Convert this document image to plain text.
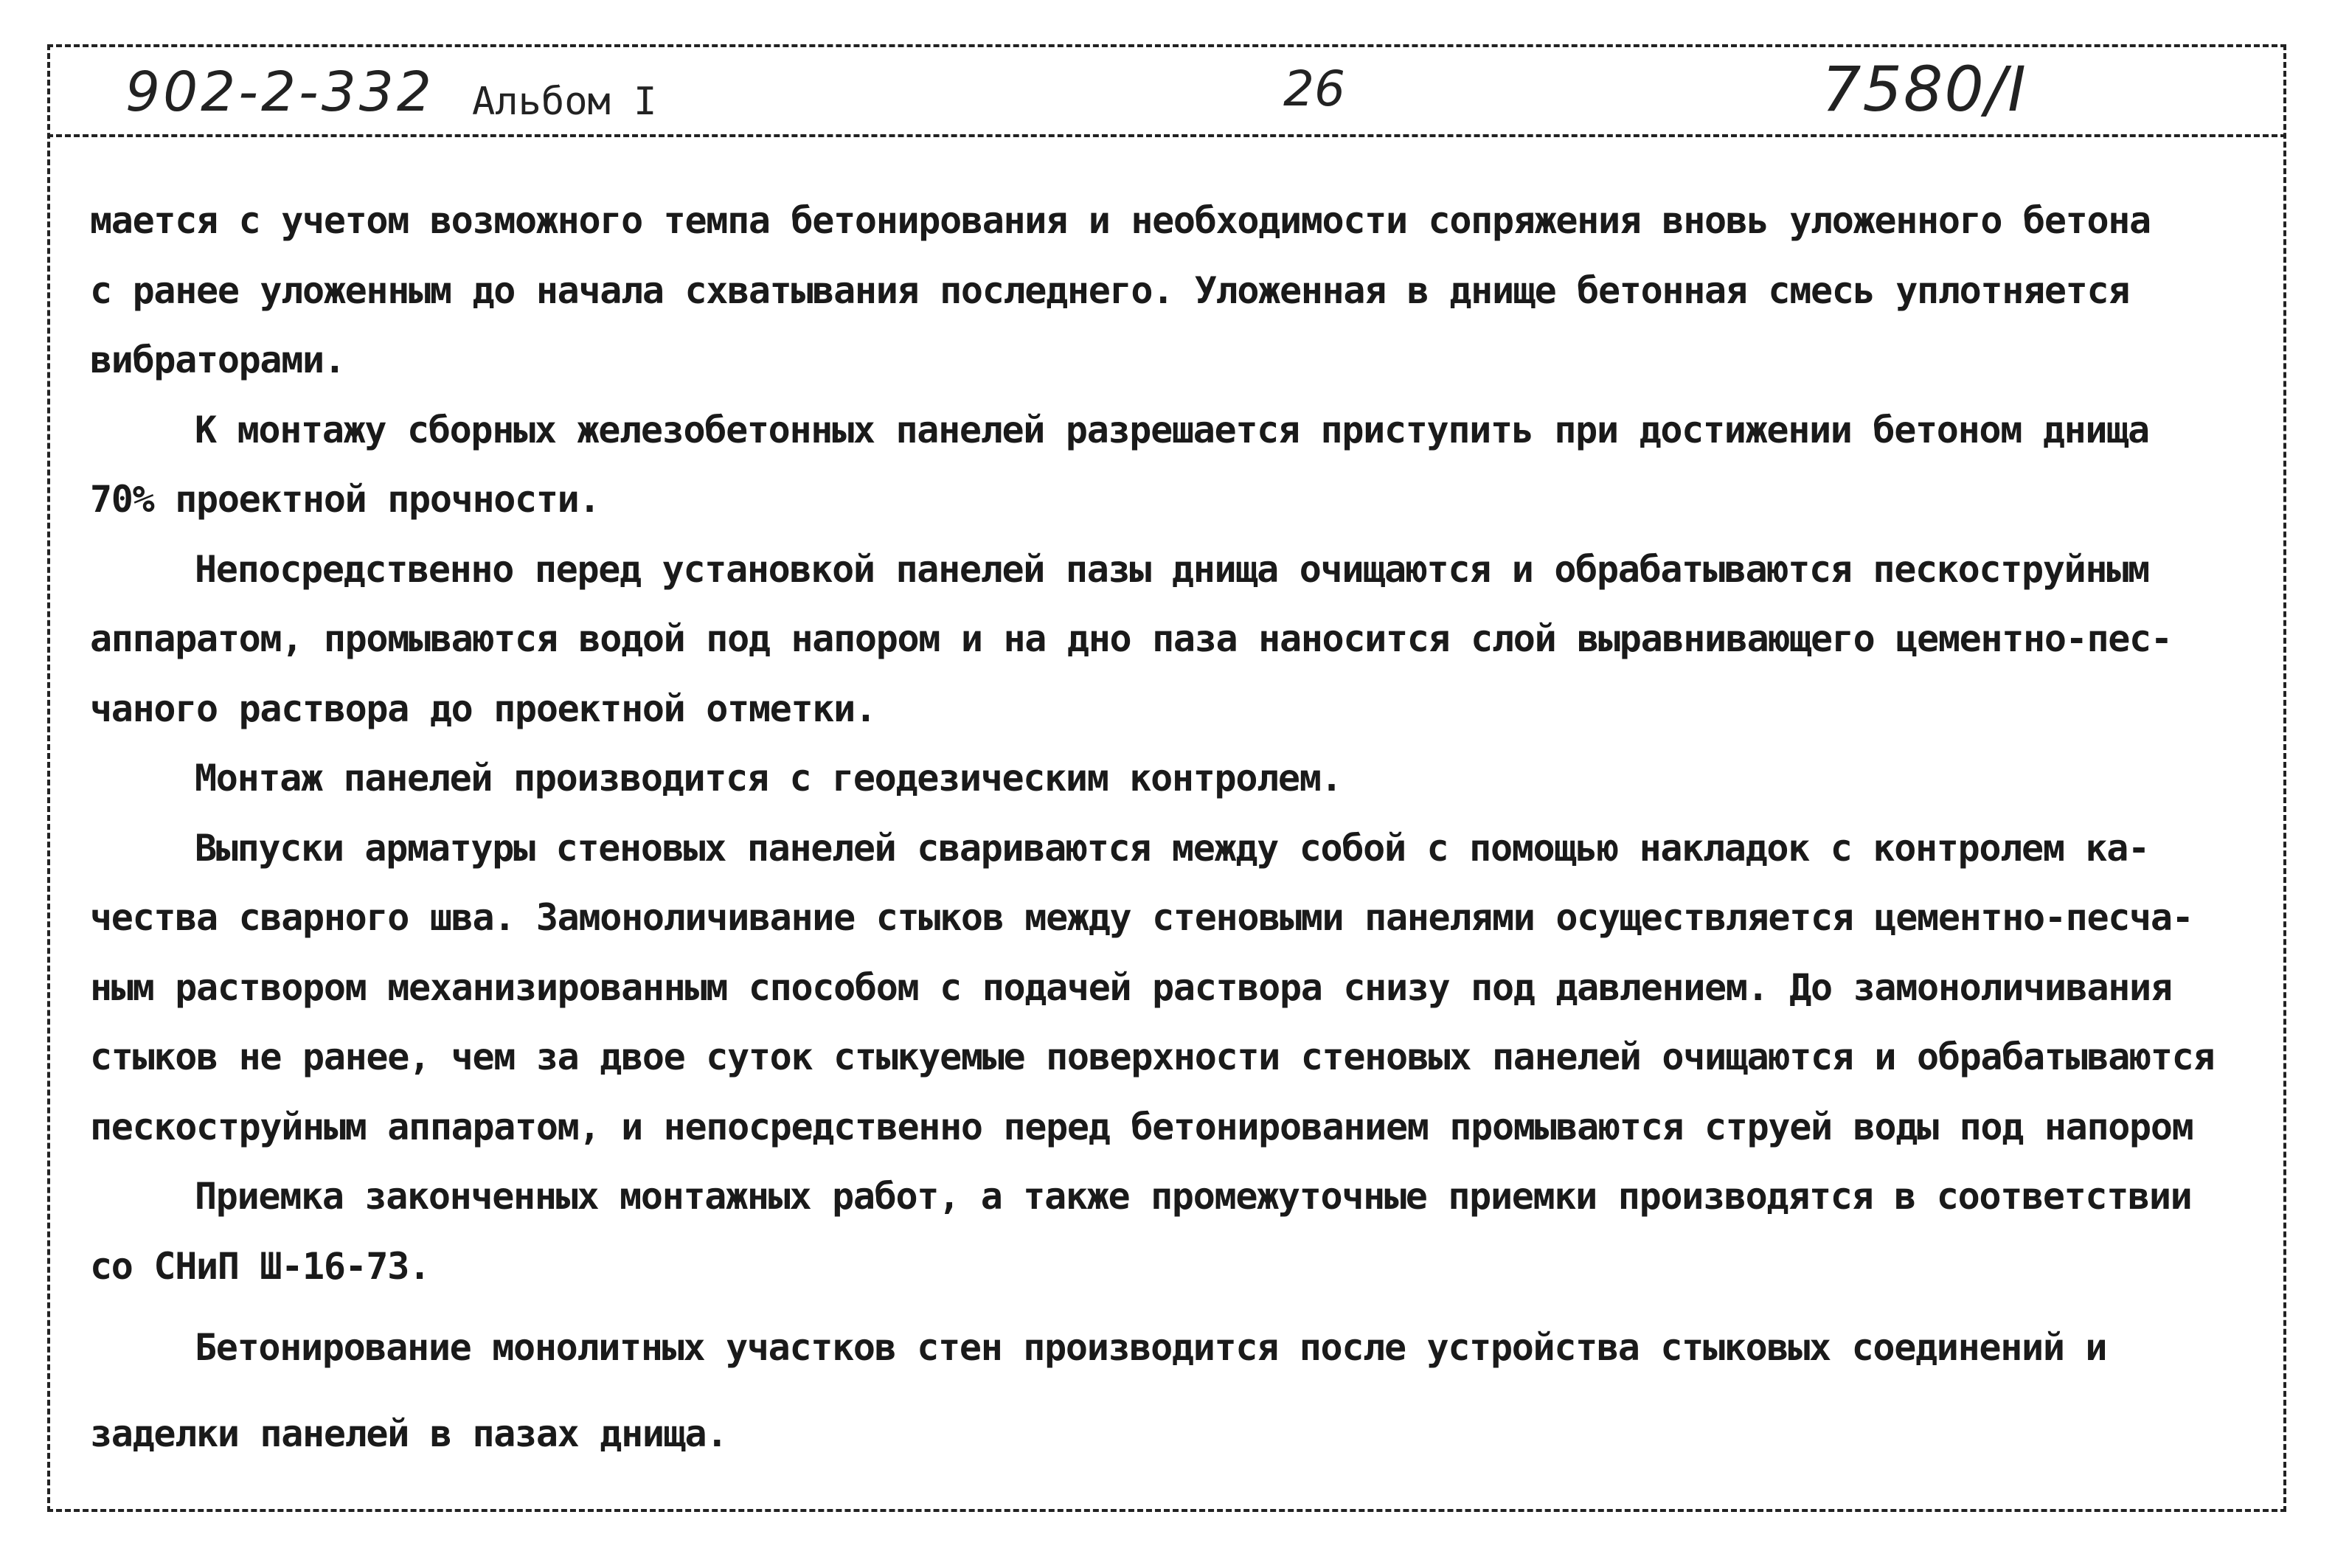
902-2-332 Альбом I	26	7580/I
мается с учетом возможного темпа бетонирования и необходимости сопряжения вновь уложенного бетона
с ранее уложенным до начала схватывания последнего. Уложенная в днище бетонная смесь уплотняется
вибраторами.
К монтажу сборных железобетонных панелей разрешается приступить при достижении бетоном днища
70% проектной прочности.
Непосредственно перед установкой панелей пазы днища очищаются и обрабатываются пескоструйным
аппаратом, промываются водой под напором и на дно паза наносится слой выравнивающего цементно-пес-
чаного раствора до проектной отметки.
Монтаж панелей производится с геодезическим контролем.
Выпуски арматуры стеновых панелей свариваются между собой с помощью накладок с контролем ка-
чества сварного шва. Замоноличивание стыков между стеновыми панелями осуществляется цементно-песча-
ным раствором механизированным способом с подачей раствора снизу под давлением. До замоноличивания
стыков не ранее, чем за двое суток стыкуемые поверхности стеновых панелей очищаются и обрабатываются
пескоструйным аппаратом, и непосредственно перед бетонированием промываются струей воды под напором
Приемка законченных монтажных работ, а также промежуточные приемки производятся в соответствии
со СНиП Ш-16-73.
Бетонирование монолитных участков стен производится после устройства стыковых соединений и
заделки панелей в пазах днища.
